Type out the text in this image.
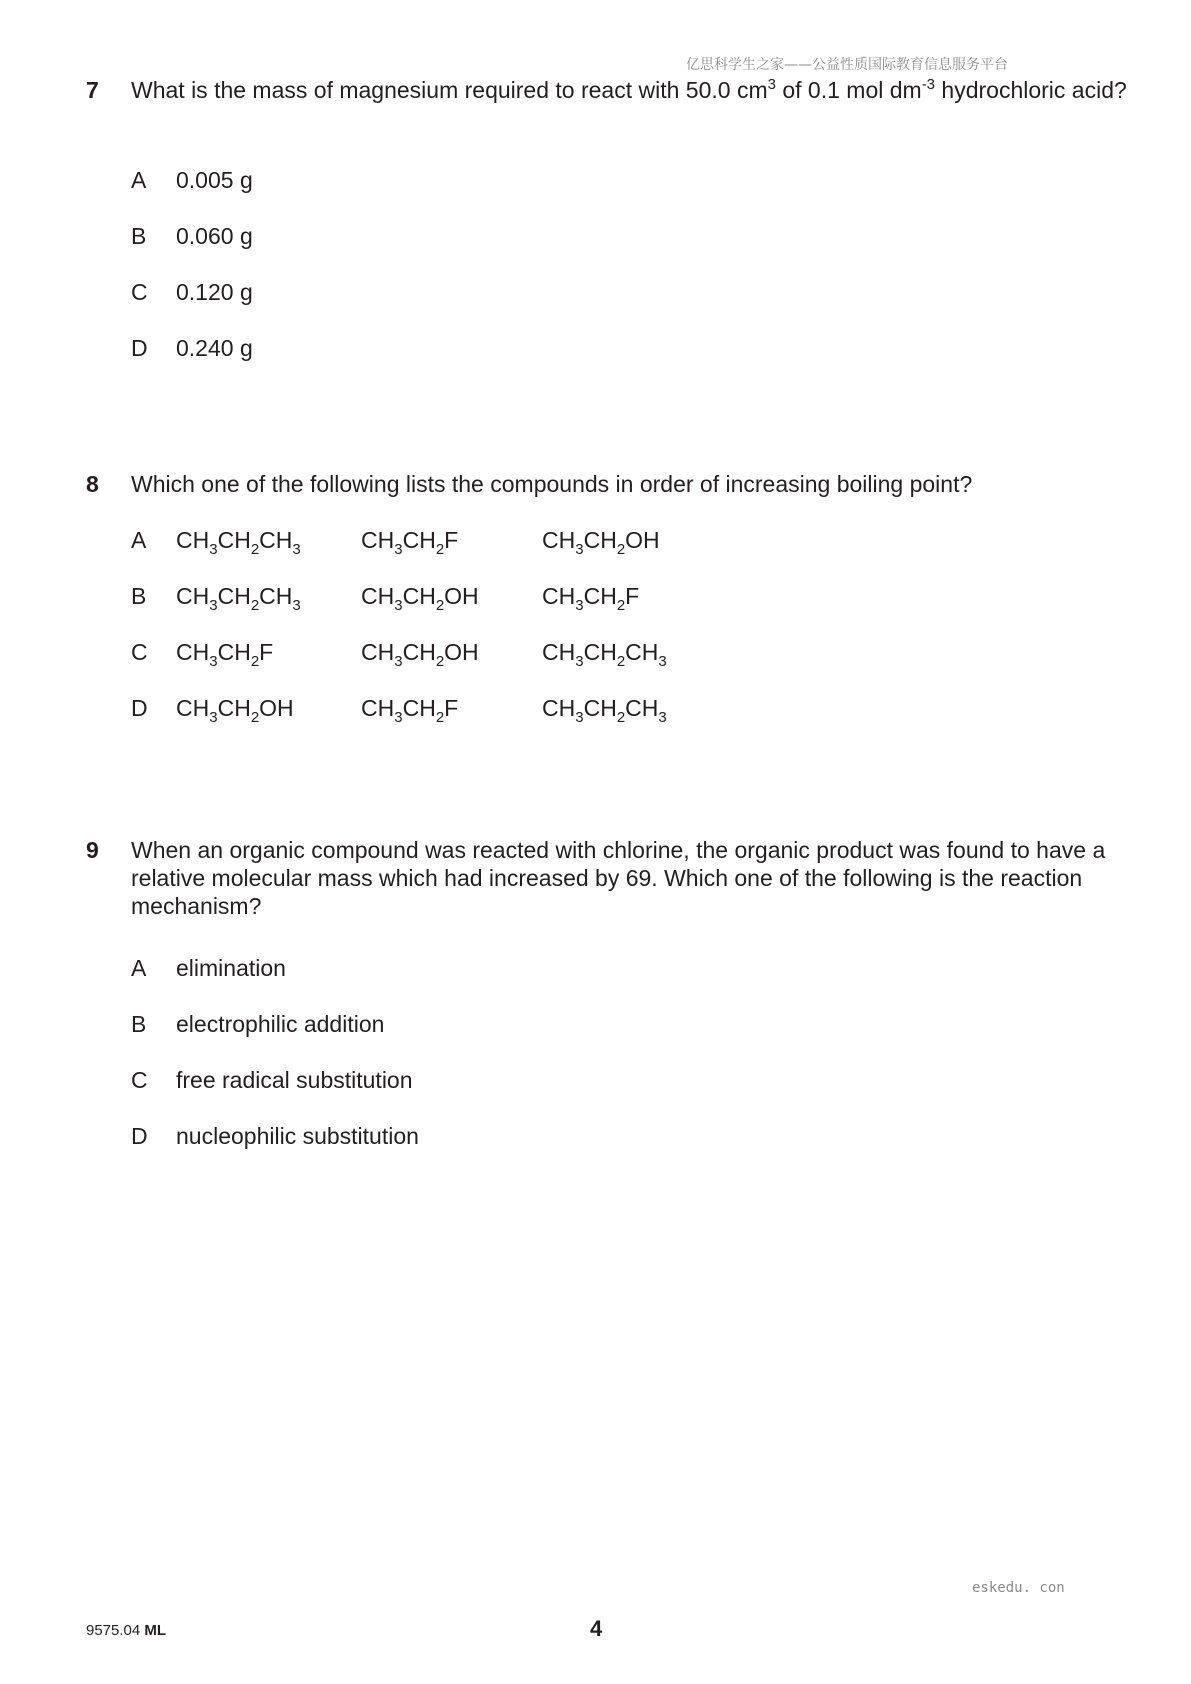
亿思科学生之家——公益性质国际教育信息服务平台
7	What is the mass of magnesium required to react with 50.0 $cm^3$ of 0.1 mol $dm^{-3}$ hydrochloric acid?
A	0.005 g
B	0.060 g
C	0.120 g
D	0.240 g
8	Which one of the following lists the compounds in order of increasing boiling point?
A	$CH_3CH_2CH_3$	$CH_3CH_2F$	$CH_3CH_2OH$
B	$CH_3CH_2CH_3$	$CH_3CH_2OH$	$CH_3CH_2F$
C	$CH_3CH_2F$	$CH_3CH_2OH$	$CH_3CH_2CH_3$
D	$CH_3CH_2OH$	$CH_3CH_2F$	$CH_3CH_2CH_3$
9	When an organic compound was reacted with chlorine, the organic product was found to have a relative molecular mass which had increased by 69. Which one of the following is the reaction mechanism?
A	elimination
B	electrophilic addition
C	free radical substitution
D	nucleophilic substitution
eskedu. con
9575.04 ML	4
